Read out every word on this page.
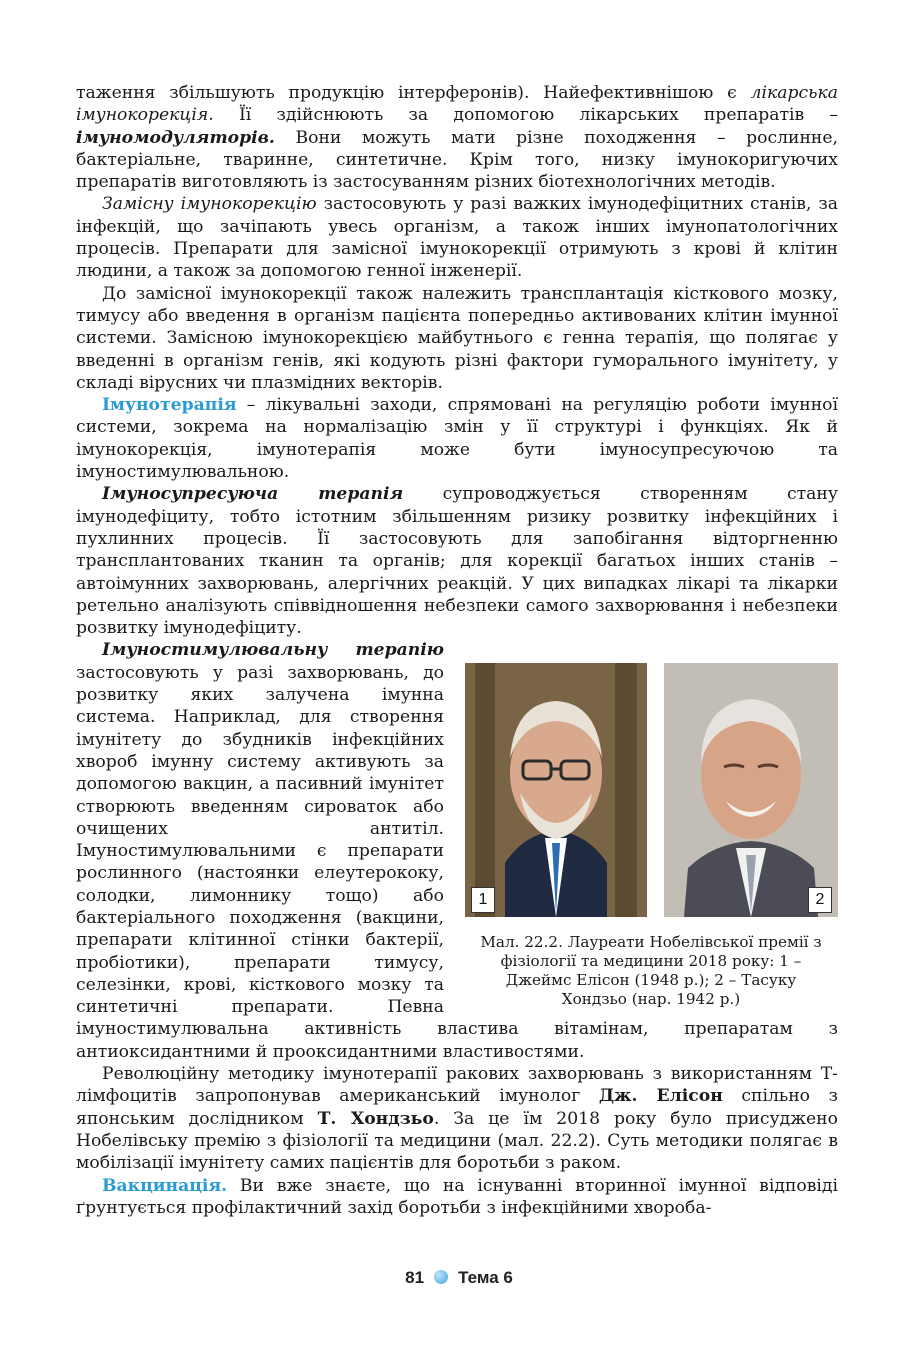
таження збільшують продукцію інтерферонів). Найефективнішою є лікарська імунокорекція. Її здійснюють за допомогою лікарських препаратів – імуномодуляторів. Вони можуть мати різне походження – рослинне, бактеріальне, тваринне, синтетичне. Крім того, низку імунокоригуючих препаратів виготовляють із застосуванням різних біотехнологічних методів.

Замісну імунокорекцію застосовують у разі важких імунодефіцитних станів, за інфекцій, що зачіпають увесь організм, а також інших імунопатологічних процесів. Препарати для замісної імунокорекції отримують з крові й клітин людини, а також за допомогою генної інженерії.

До замісної імунокорекції також належить трансплантація кісткового мозку, тимусу або введення в організм пацієнта попередньо активованих клітин імунної системи. Замісною імунокорекцією майбутнього є генна терапія, що полягає у введенні в організм генів, які кодують різні фактори гуморального імунітету, у складі вірусних чи плазмідних векторів.

Імунотерапія – лікувальні заходи, спрямовані на регуляцію роботи імунної системи, зокрема на нормалізацію змін у її структурі і функціях. Як й імунокорекція, імунотерапія може бути імуносупресуючою та імуностимулювальною.

Імуносупресуюча терапія супроводжується створенням стану імунодефіциту, тобто істотним збільшенням ризику розвитку інфекційних і пухлинних процесів. Її застосовують для запобігання відторгненню трансплантованих тканин та органів; для корекції багатьох інших станів – автоімунних захворювань, алергічних реакцій. У цих випадках лікарі та лікарки ретельно аналізують співвідношення небезпеки самого захворювання і небезпеки розвитку імунодефіциту.

1	2
Мал. 22.2. Лауреати Нобелівської премії з фізіології та медицини 2018 року: 1 – Джеймс Елісон (1948 р.); 2 – Тасуку Хондзьо (нар. 1942 р.)

Імуностимулювальну терапію застосовують у разі захворювань, до розвитку яких залучена імунна система. Наприклад, для створення імунітету до збудників інфекційних хвороб імунну систему активують за допомогою вакцин, а пасивний імунітет створюють введенням сироваток або очищених антитіл. Імуностимулювальними є препарати рослинного (настоянки елеутерококу, солодки, лимоннику тощо) або бактеріального походження (вакцини, препарати клітинної стінки бактерії, пробіотики), препарати тимусу, селезінки, крові, кісткового мозку та синтетичні препарати. Певна імуностимулювальна активність властива вітамінам, препаратам з антиоксидантними й прооксидантними властивостями.

Революційну методику імунотерапії ракових захворювань з використанням Т-лімфоцитів запропонував американський імунолог Дж. Елісон спільно з японським дослідником Т. Хондзьо. За це їм 2018 року було присуджено Нобелівську премію з фізіології та медицини (мал. 22.2). Суть методики полягає в мобілізації імунітету самих пацієнтів для боротьби з раком.

Вакцинація. Ви вже знаєте, що на існуванні вторинної імунної відповіді ґрунтується профілактичний захід боротьби з інфекційними хвороба-

81 Тема 6
